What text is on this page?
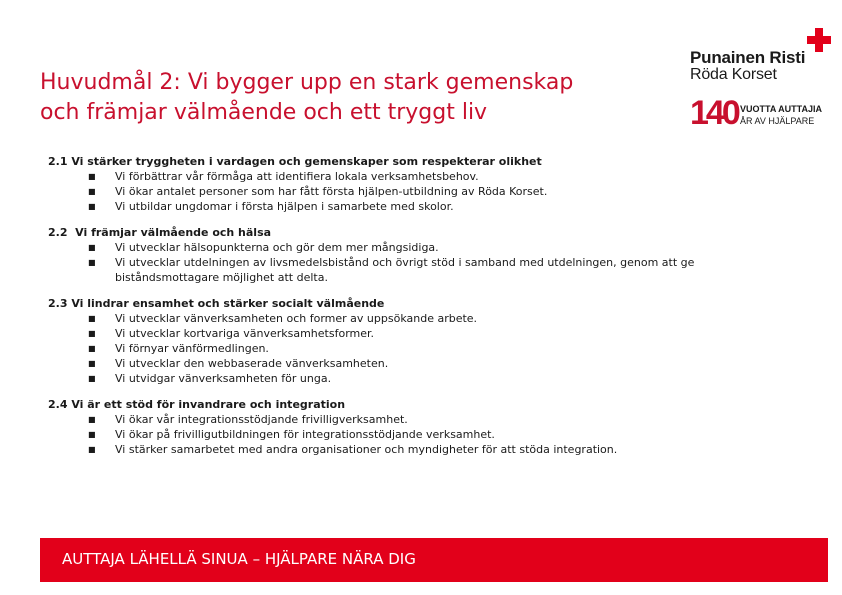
Huvudmål 2: Vi bygger upp en stark gemenskap
och främjar välmående och ett tryggt liv
Punainen Risti
Röda Korset
140 VUOTTA AUTTAJIA
ÅR AV HJÄLPARE
2.1 Vi stärker tryggheten i vardagen och gemenskaper som respekterar olikhet
■ Vi förbättrar vår förmåga att identifiera lokala verksamhetsbehov.
■ Vi ökar antalet personer som har fått första hjälpen-utbildning av Röda Korset.
■ Vi utbildar ungdomar i första hjälpen i samarbete med skolor.
2.2  Vi främjar välmående och hälsa
■ Vi utvecklar hälsopunkterna och gör dem mer mångsidiga.
■ Vi utvecklar utdelningen av livsmedelsbistånd och övrigt stöd i samband med utdelningen, genom att ge biståndsmottagare möjlighet att delta.
2.3 Vi lindrar ensamhet och stärker socialt välmående
■ Vi utvecklar vänverksamheten och former av uppsökande arbete.
■ Vi utvecklar kortvariga vänverksamhetsformer.
■ Vi förnyar vänförmedlingen.
■ Vi utvecklar den webbaserade vänverksamheten.
■ Vi utvidgar vänverksamheten för unga.
2.4 Vi är ett stöd för invandrare och integration
■ Vi ökar vår integrationsstödjande frivilligverksamhet.
■ Vi ökar på frivilligutbildningen för integrationsstödjande verksamhet.
■ Vi stärker samarbetet med andra organisationer och myndigheter för att stöda integration.
AUTTAJA LÄHELLÄ SINUA – HJÄLPARE NÄRA DIG
